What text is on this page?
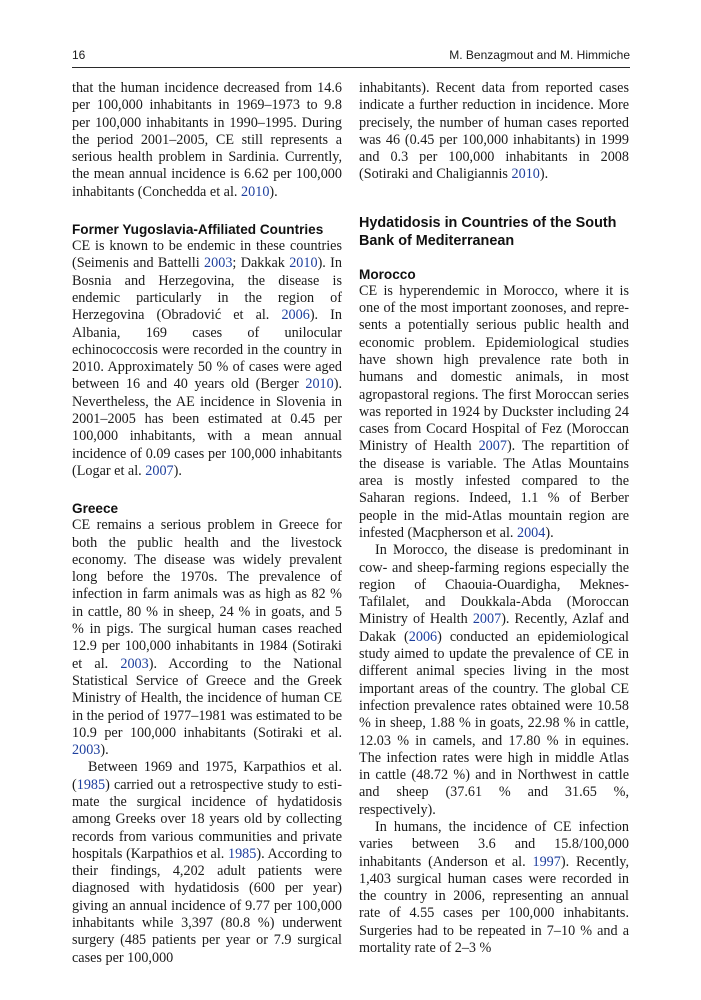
16	M. Benzagmout and M. Himmiche

that the human incidence decreased from 14.6 per 100,000 inhabitants in 1969–1973 to 9.8 per 100,000 inhabitants in 1990–1995. During the period 2001–2005, CE still represents a serious health problem in Sardinia. Currently, the mean annual incidence is 6.62 per 100,000 inhabitants (Conchedda et al. 2010).

Former Yugoslavia-Affiliated Countries

CE is known to be endemic in these countries (Seimenis and Battelli 2003; Dakkak 2010). In Bosnia and Herzegovina, the disease is endemic particularly in the region of Herzegovina (Obradović et al. 2006). In Albania, 169 cases of unilocular echinococcosis were recorded in the country in 2010. Approximately 50 % of cases were aged between 16 and 40 years old (Berger 2010). Nevertheless, the AE incidence in Slovenia in 2001–2005 has been estimated at 0.45 per 100,000 inhabitants, with a mean annual incidence of 0.09 cases per 100,000 inhabitants (Logar et al. 2007).

Greece

CE remains a serious problem in Greece for both the public health and the livestock economy. The disease was widely prevalent long before the 1970s. The prevalence of infection in farm animals was as high as 82 % in cattle, 80 % in sheep, 24 % in goats, and 5 % in pigs. The surgical human cases reached 12.9 per 100,000 inhabitants in 1984 (Sotiraki et al. 2003). According to the National Statistical Service of Greece and the Greek Ministry of Health, the incidence of human CE in the period of 1977–1981 was estimated to be 10.9 per 100,000 inhabitants (Sotiraki et al. 2003).

Between 1969 and 1975, Karpathios et al. (1985) carried out a retrospective study to estimate the surgical incidence of hydatidosis among Greeks over 18 years old by collecting records from various communities and private hospitals (Karpathios et al. 1985). According to their findings, 4,202 adult patients were diagnosed with hydatidosis (600 per year) giving an annual incidence of 9.77 per 100,000 inhabitants while 3,397 (80.8 %) underwent surgery (485 patients per year or 7.9 surgical cases per 100,000

inhabitants). Recent data from reported cases indicate a further reduction in incidence. More precisely, the number of human cases reported was 46 (0.45 per 100,000 inhabitants) in 1999 and 0.3 per 100,000 inhabitants in 2008 (Sotiraki and Chaligiannis 2010).

Hydatidosis in Countries of the South Bank of Mediterranean
Morocco

CE is hyperendemic in Morocco, where it is one of the most important zoonoses, and represents a potentially serious public health and economic problem. Epidemiological studies have shown high prevalence rate both in humans and domestic animals, in most agropastoral regions. The first Moroccan series was reported in 1924 by Duckster including 24 cases from Cocard Hospital of Fez (Moroccan Ministry of Health 2007). The repartition of the disease is variable. The Atlas Mountains area is mostly infested compared to the Saharan regions. Indeed, 1.1 % of Berber people in the mid-Atlas mountain region are infested (Macpherson et al. 2004).

In Morocco, the disease is predominant in cow- and sheep-farming regions especially the region of Chaouia-Ouardigha, Meknes-Tafilalet, and Doukkala-Abda (Moroccan Ministry of Health 2007). Recently, Azlaf and Dakak (2006) conducted an epidemiological study aimed to update the prevalence of CE in different animal species living in the most important areas of the country. The global CE infection prevalence rates obtained were 10.58 % in sheep, 1.88 % in goats, 22.98 % in cattle, 12.03 % in camels, and 17.80 % in equines. The infection rates were high in middle Atlas in cattle (48.72 %) and in Northwest in cattle and sheep (37.61 % and 31.65 %, respectively).

In humans, the incidence of CE infection varies between 3.6 and 15.8/100,000 inhabitants (Anderson et al. 1997). Recently, 1,403 surgical human cases were recorded in the country in 2006, representing an annual rate of 4.55 cases per 100,000 inhabitants. Surgeries had to be repeated in 7–10 % and a mortality rate of 2–3 %
